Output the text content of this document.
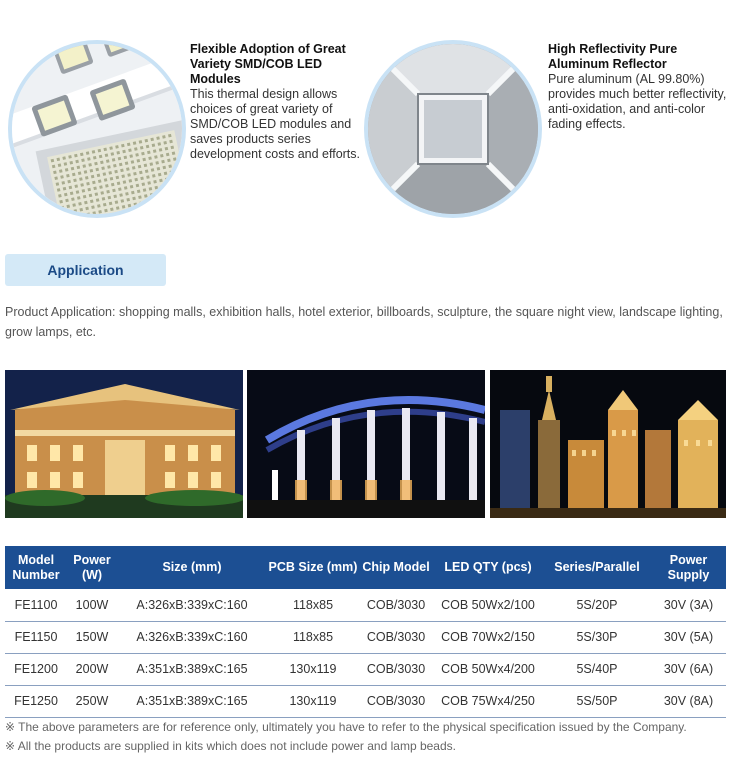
Flexible Adoption of Great Variety SMD/COB LED Modules
This thermal design allows choices of great variety of SMD/COB LED modules and saves products series development costs and efforts.
High Reflectivity Pure Aluminum Reflector
Pure aluminum (AL 99.80%) provides much better reflectivity, anti-oxidation, and anti-color fading effects.
Application
Product Application: shopping malls, exhibition halls, hotel exterior, billboards, sculpture, the square night view, landscape lighting, grow lamps, etc.
Model Number	Power (W)	Size (mm)	PCB Size (mm)	Chip Model	LED QTY (pcs)	Series/Parallel	Power Supply
FE1100	100W	A:326xB:339xC:160	118x85	COB/3030	COB 50Wx2/100	5S/20P	30V (3A)
FE1150	150W	A:326xB:339xC:160	118x85	COB/3030	COB 70Wx2/150	5S/30P	30V (5A)
FE1200	200W	A:351xB:389xC:165	130x119	COB/3030	COB 50Wx4/200	5S/40P	30V (6A)
FE1250	250W	A:351xB:389xC:165	130x119	COB/3030	COB 75Wx4/250	5S/50P	30V (8A)
※ The above parameters are for reference only, ultimately you have to refer to the physical specification issued by the Company.
※ All the products are supplied in kits which does not include power and lamp beads.
